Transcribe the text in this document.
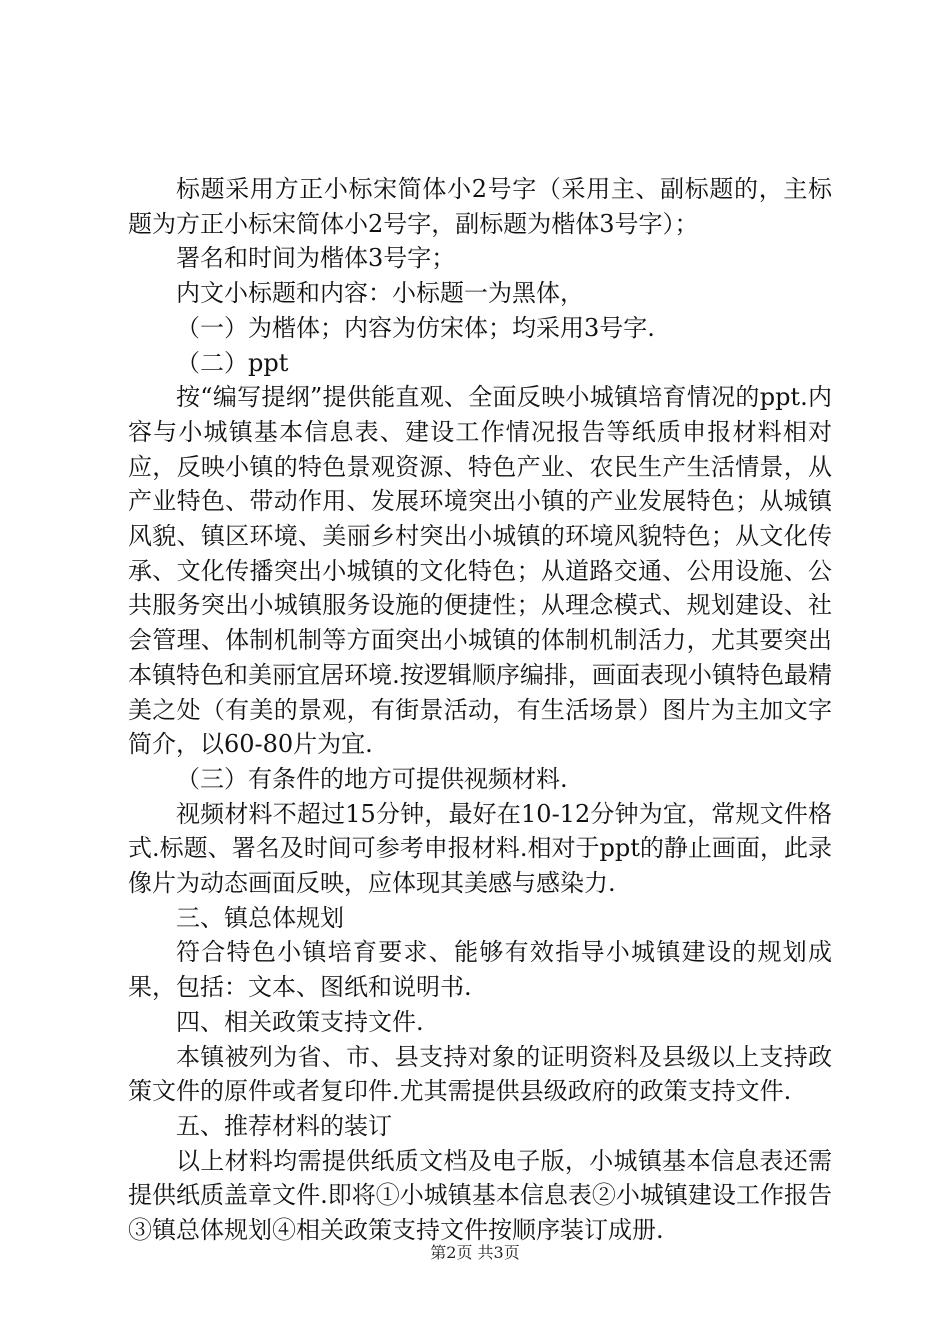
标题采用方正小标宋简体小2号字（采用主、副标题的，主标题为方正小标宋简体小2号字，副标题为楷体3号字）；

署名和时间为楷体3号字；

内文小标题和内容：小标题一为黑体，

（一）为楷体；内容为仿宋体；均采用3号字.

（二）ppt

按“编写提纲”提供能直观、全面反映小城镇培育情况的ppt.内容与小城镇基本信息表、建设工作情况报告等纸质申报材料相对应，反映小镇的特色景观资源、特色产业、农民生产生活情景，从产业特色、带动作用、发展环境突出小镇的产业发展特色；从城镇风貌、镇区环境、美丽乡村突出小城镇的环境风貌特色；从文化传承、文化传播突出小城镇的文化特色；从道路交通、公用设施、公共服务突出小城镇服务设施的便捷性；从理念模式、规划建设、社会管理、体制机制等方面突出小城镇的体制机制活力，尤其要突出本镇特色和美丽宜居环境.按逻辑顺序编排，画面表现小镇特色最精美之处（有美的景观，有街景活动，有生活场景）图片为主加文字简介，以60-80片为宜.

（三）有条件的地方可提供视频材料.

视频材料不超过15分钟，最好在10-12分钟为宜，常规文件格式.标题、署名及时间可参考申报材料.相对于ppt的静止画面，此录像片为动态画面反映，应体现其美感与感染力.

三、镇总体规划

符合特色小镇培育要求、能够有效指导小城镇建设的规划成果，包括：文本、图纸和说明书.

四、相关政策支持文件.

本镇被列为省、市、县支持对象的证明资料及县级以上支持政策文件的原件或者复印件.尤其需提供县级政府的政策支持文件.

五、推荐材料的装订

以上材料均需提供纸质文档及电子版，小城镇基本信息表还需提供纸质盖章文件.即将①小城镇基本信息表②小城镇建设工作报告③镇总体规划④相关政策支持文件按顺序装订成册.

第2页 共3页
